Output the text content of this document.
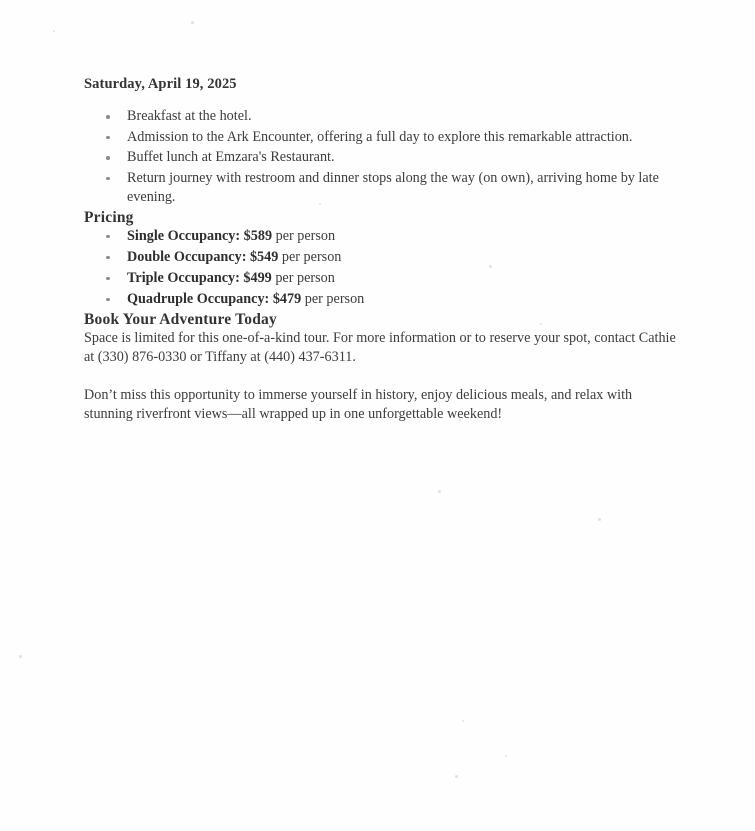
Saturday, April 19, 2025
Breakfast at the hotel.
Admission to the Ark Encounter, offering a full day to explore this remarkable attraction.
Buffet lunch at Emzara's Restaurant.
Return journey with restroom and dinner stops along the way (on own), arriving home by late evening.
Pricing
Single Occupancy: $589 per person
Double Occupancy: $549 per person
Triple Occupancy: $499 per person
Quadruple Occupancy: $479 per person
Book Your Adventure Today

Space is limited for this one-of-a-kind tour. For more information or to reserve your spot, contact Cathie at (330) 876-0330 or Tiffany at (440) 437-6311.

Don’t miss this opportunity to immerse yourself in history, enjoy delicious meals, and relax with stunning riverfront views—all wrapped up in one unforgettable weekend!
